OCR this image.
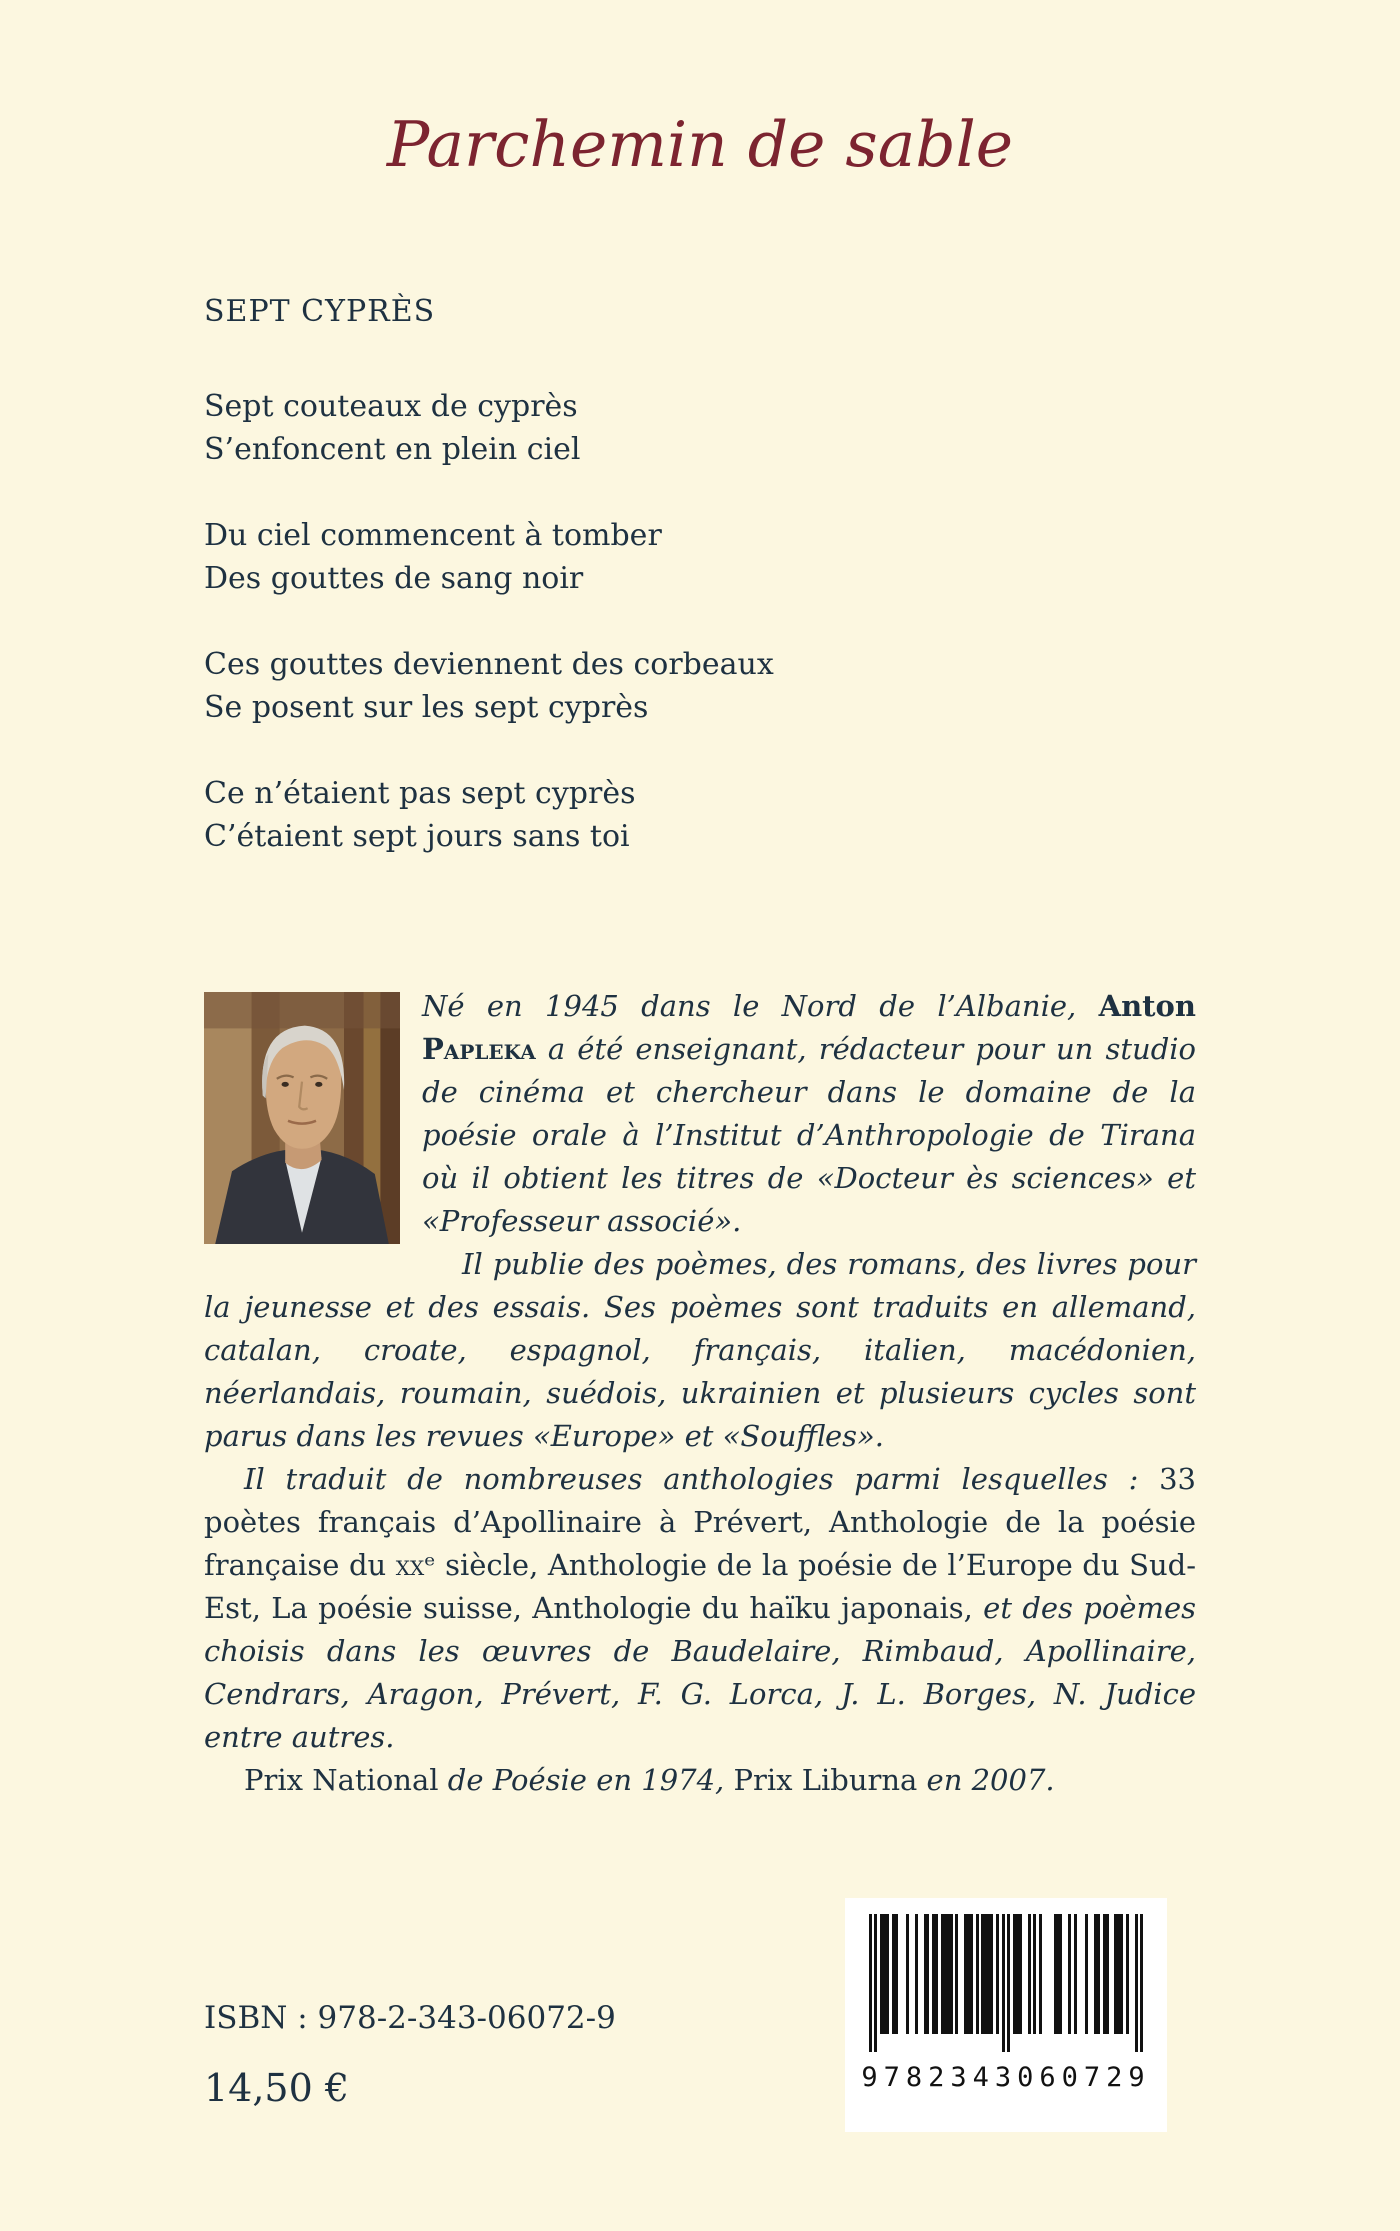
Parchemin de sable
SEPT CYPRÈS
Sept couteaux de cyprès
S’enfoncent en plein ciel
Du ciel commencent à tomber
Des gouttes de sang noir
Ces gouttes deviennent des corbeaux
Se posent sur les sept cyprès
Ce n’étaient pas sept cyprès
C’étaient sept jours sans toi

Né en 1945 dans le Nord de l’Albanie, Anton Papleka a été enseignant, rédacteur pour un studio de cinéma et chercheur dans le domaine de la poésie orale à l’Institut d’Anthropologie de Tirana où il obtient les titres de «Docteur ès sciences» et «Professeur associé».

Il publie des poèmes, des romans, des livres pour la jeunesse et des essais. Ses poèmes sont traduits en allemand, catalan, croate, espagnol, français, italien, macédonien, néerlandais, roumain, suédois, ukrainien et plusieurs cycles sont parus dans les revues «Europe» et «Souffles».

Il traduit de nombreuses anthologies parmi lesquelles : 33 poètes français d’Apollinaire à Prévert, Anthologie de la poésie française du xxᵉ siècle, Anthologie de la poésie de l’Europe du Sud-Est, La poésie suisse, Anthologie du haïku japonais, et des poèmes choisis dans les œuvres de Baudelaire, Rimbaud, Apollinaire, Cendrars, Aragon, Prévert, F. G. Lorca, J. L. Borges, N. Judice entre autres.

Prix National de Poésie en 1974, Prix Liburna en 2007.

ISBN : 978-2-343-06072-9
14,50 €	9782343060729
